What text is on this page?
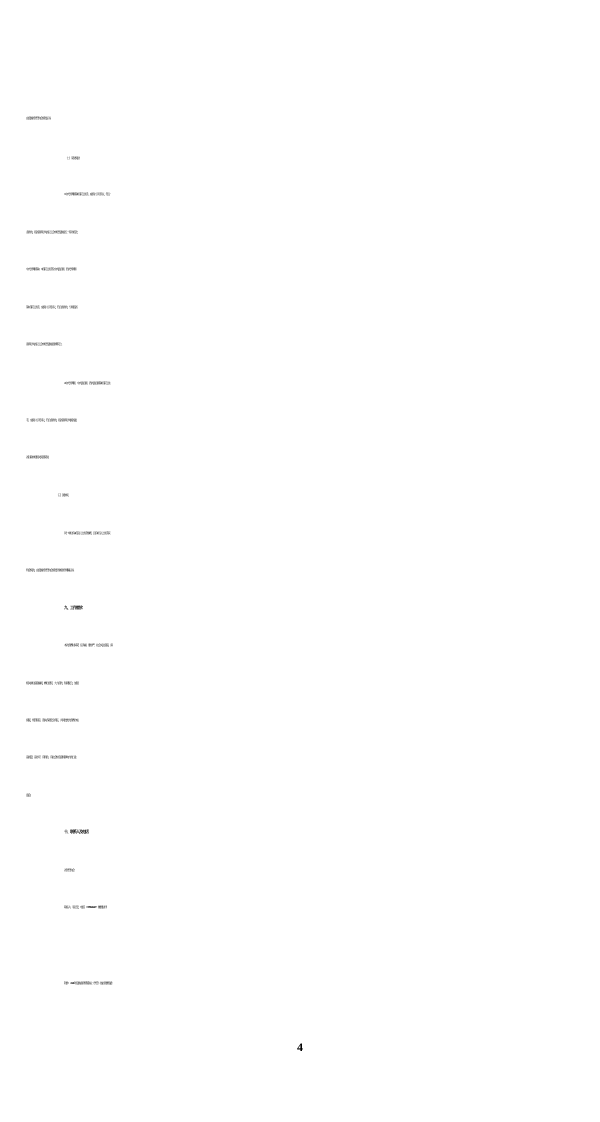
由安徽省烹饪协会颁发证书。
（二）荣誉奖励
1. 中式烹调师第 1 名职工选手，成绩公示无异议，符合
条件的，报省商务厅向省总工会申报“安徽省五一劳动奖章”，
中式烹调师第 2、3 名职工选手及中式面点师、西式烹调师
第 1 名职工选手，成绩公示无异议，符合条件的，分别报省
商务厅向省总工会申报“安徽省金牌职工”。
2. 中式烹调师、中式面点师、西式面点师第 1 名职工选
手，成绩公示无异议，符合条件的，报省商务厅向团省委、
省妇联申报相关奖项荣誉。
（三）团体奖
同一单位有 4 名及以上选手参赛，且有 1 名以上选手获
特金奖的，由安徽省烹饪协会颁发“团体金奖”牌匾证书。
九、工作要求
本次竞赛时间紧、任务重、要求严、社会关注度高，请
相关单位高度重视，精心组织，大力宣传，积极配合，加强
督促，规范程序，落实各项安全责任，共同把此次竞赛办成
高质量、高水平、有特色、有社会知名度和影响力的行业
盛会。
十、联系人及电话
省烹饪协会
联系人：李正宏，电话：13856042437（兼微信号）
附件：2024 年安徽省商贸服务业（烹饪）技能竞赛组委
4
